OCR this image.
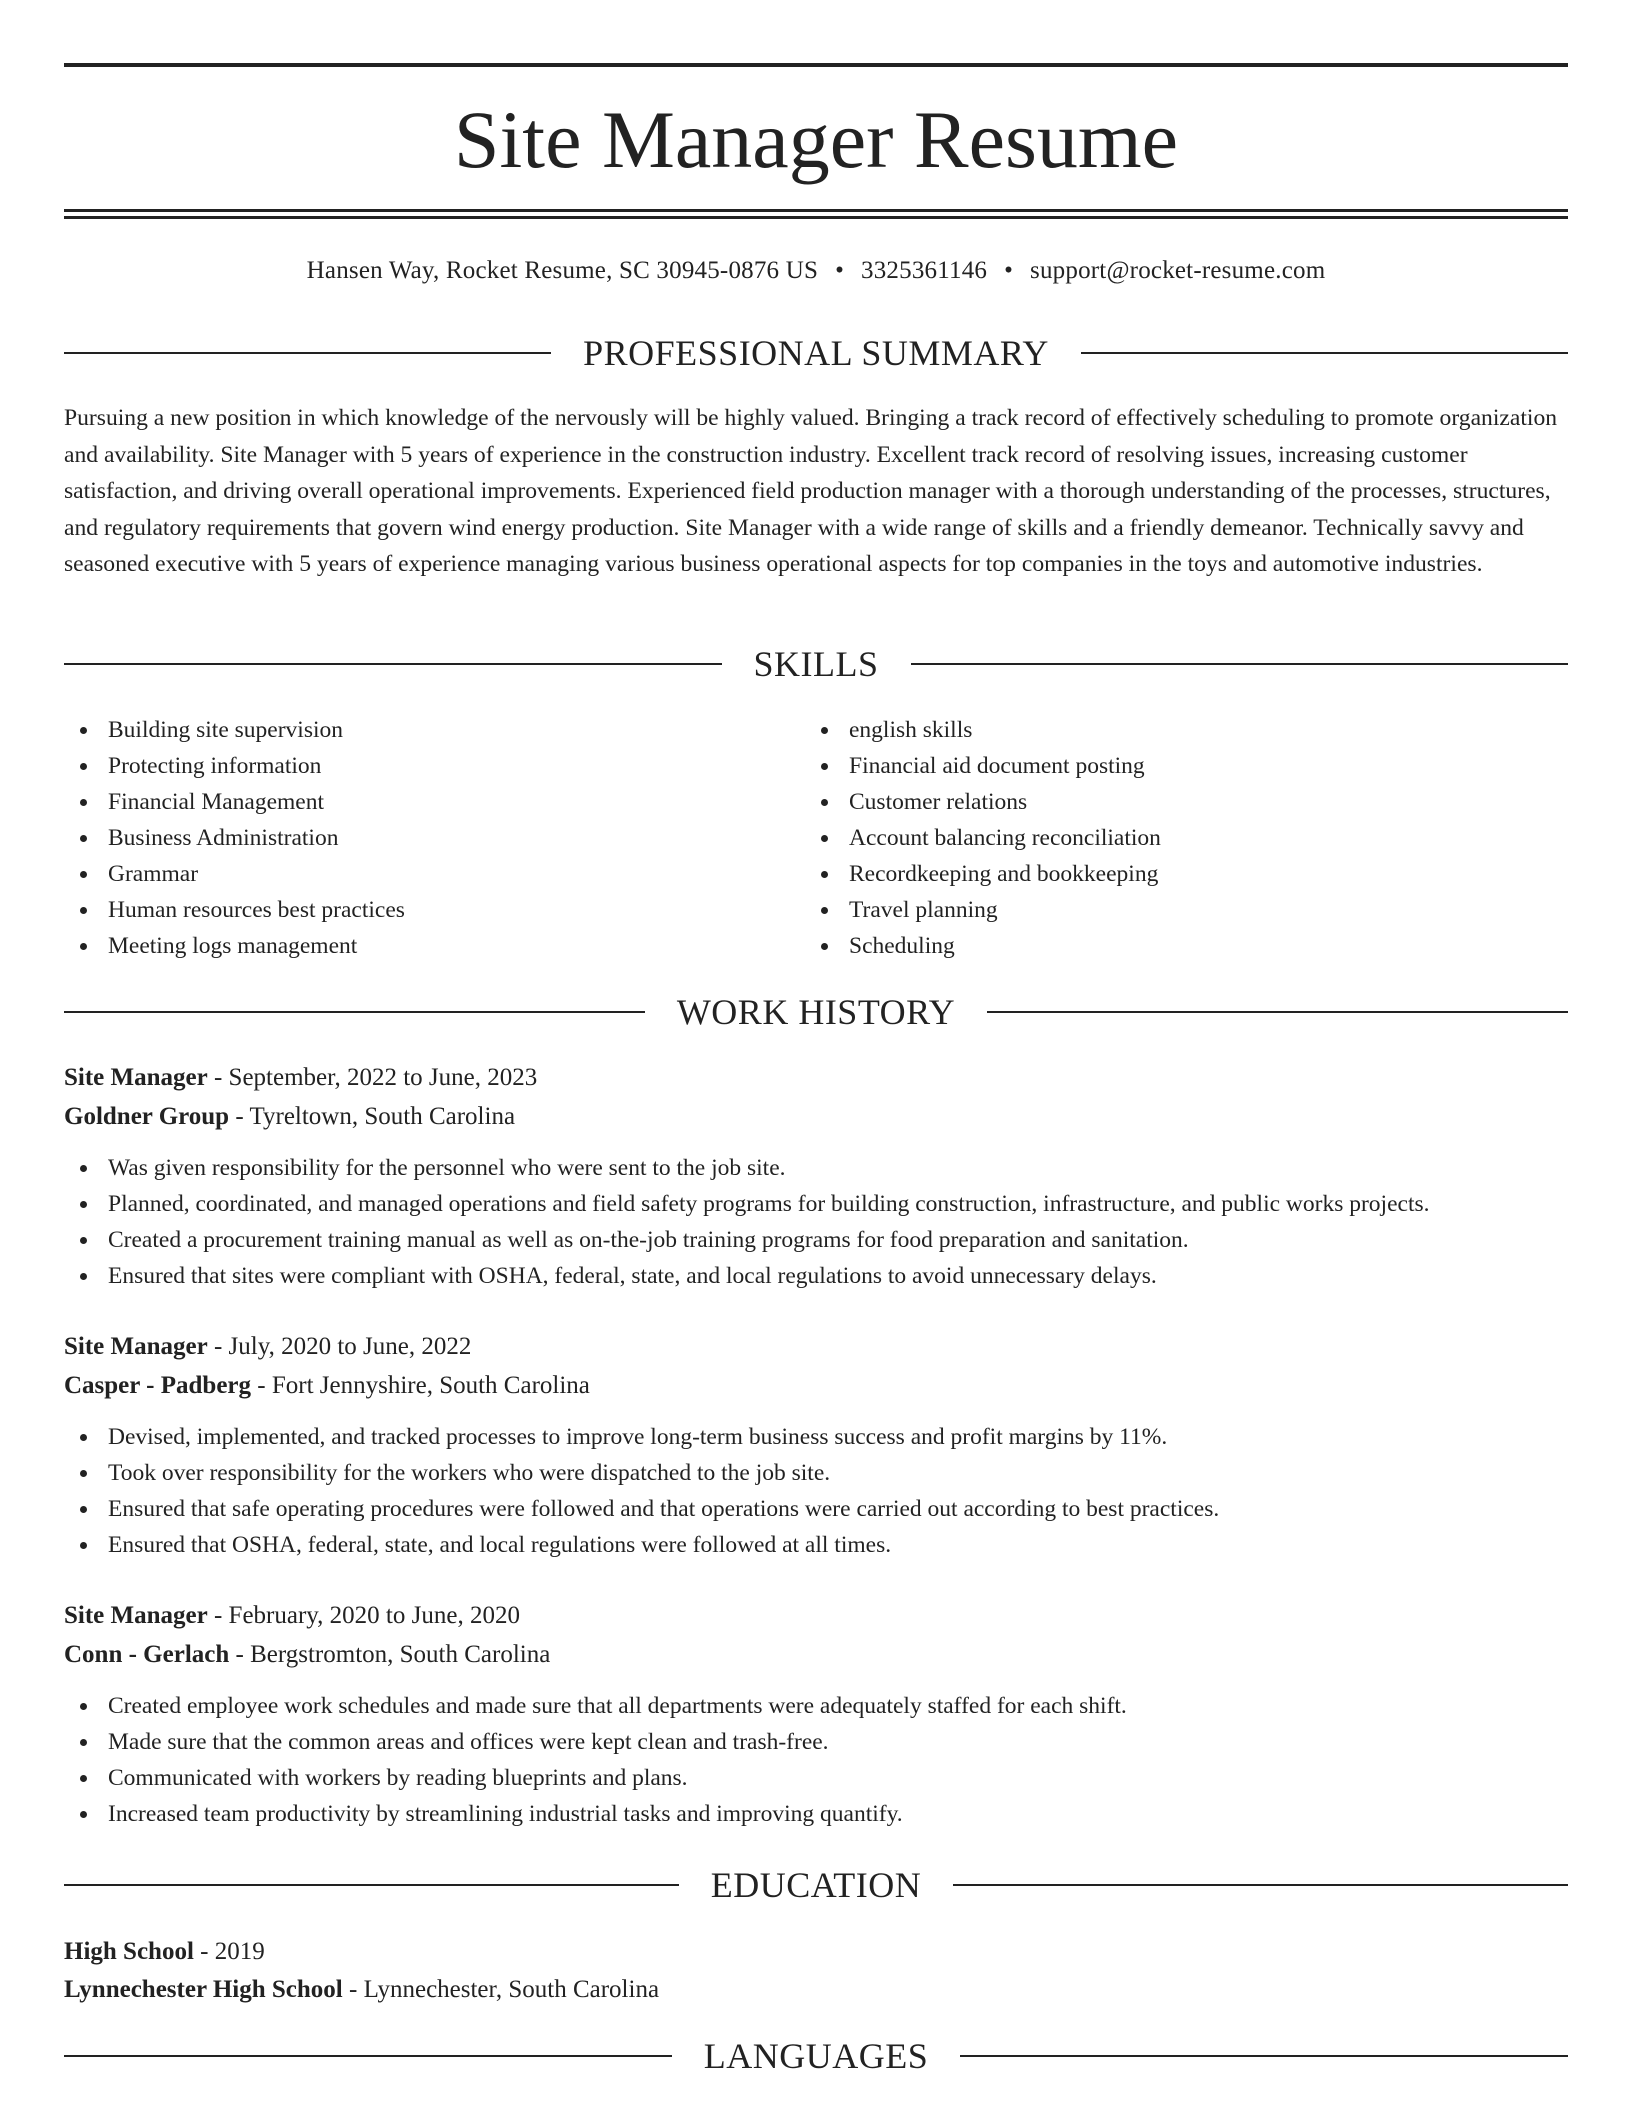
Site Manager Resume
Hansen Way, Rocket Resume, SC 30945-0876 US • 3325361146 • support@rocket-resume.com
PROFESSIONAL SUMMARY

Pursuing a new position in which knowledge of the nervously will be highly valued. Bringing a track record of effectively scheduling to promote organization and availability. Site Manager with 5 years of experience in the construction industry. Excellent track record of resolving issues, increasing customer satisfaction, and driving overall operational improvements. Experienced field production manager with a thorough understanding of the processes, structures, and regulatory requirements that govern wind energy production. Site Manager with a wide range of skills and a friendly demeanor. Technically savvy and seasoned executive with 5 years of experience managing various business operational aspects for top companies in the toys and automotive industries.

SKILLS
Building site supervision
Protecting information
Financial Management
Business Administration
Grammar
Human resources best practices
Meeting logs management
english skills
Financial aid document posting
Customer relations
Account balancing reconciliation
Recordkeeping and bookkeeping
Travel planning
Scheduling
WORK HISTORY
Site Manager - September, 2022 to June, 2023
Goldner Group - Tyreltown, South Carolina
Was given responsibility for the personnel who were sent to the job site.
Planned, coordinated, and managed operations and field safety programs for building construction, infrastructure, and public works projects.
Created a procurement training manual as well as on-the-job training programs for food preparation and sanitation.
Ensured that sites were compliant with OSHA, federal, state, and local regulations to avoid unnecessary delays.
Site Manager - July, 2020 to June, 2022
Casper - Padberg - Fort Jennyshire, South Carolina
Devised, implemented, and tracked processes to improve long-term business success and profit margins by 11%.
Took over responsibility for the workers who were dispatched to the job site.
Ensured that safe operating procedures were followed and that operations were carried out according to best practices.
Ensured that OSHA, federal, state, and local regulations were followed at all times.
Site Manager - February, 2020 to June, 2020
Conn - Gerlach - Bergstromton, South Carolina
Created employee work schedules and made sure that all departments were adequately staffed for each shift.
Made sure that the common areas and offices were kept clean and trash-free.
Communicated with workers by reading blueprints and plans.
Increased team productivity by streamlining industrial tasks and improving quantify.
EDUCATION
High School - 2019
Lynnechester High School - Lynnechester, South Carolina
LANGUAGES
